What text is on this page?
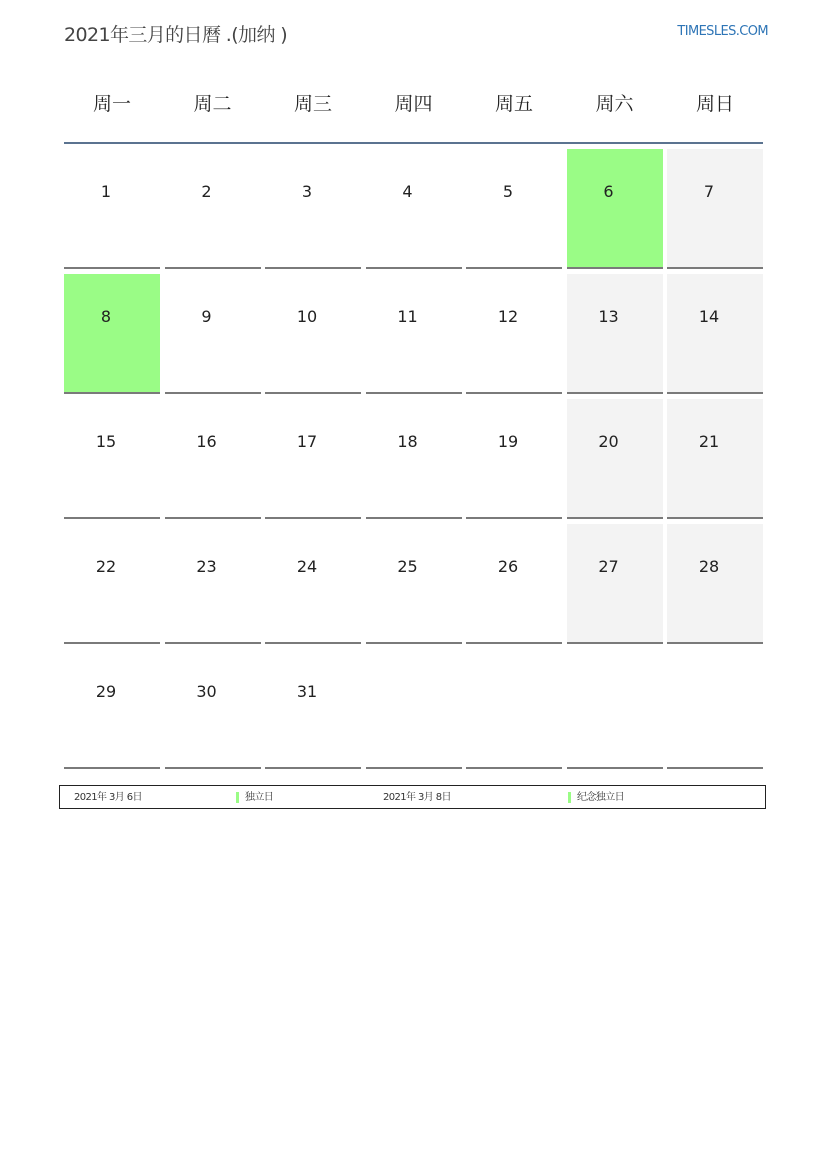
2021年三月的日曆 .(加纳 )	TIMESLES.COM
周一	周二	周三	周四	周五	周六	周日
1	2	3	4	5	6	7
8	9	10	11	12	13	14
15	16	17	18	19	20	21
22	23	24	25	26	27	28
29	30	31
2021年 3月 6日	独立日	2021年 3月 8日	纪念独立日
